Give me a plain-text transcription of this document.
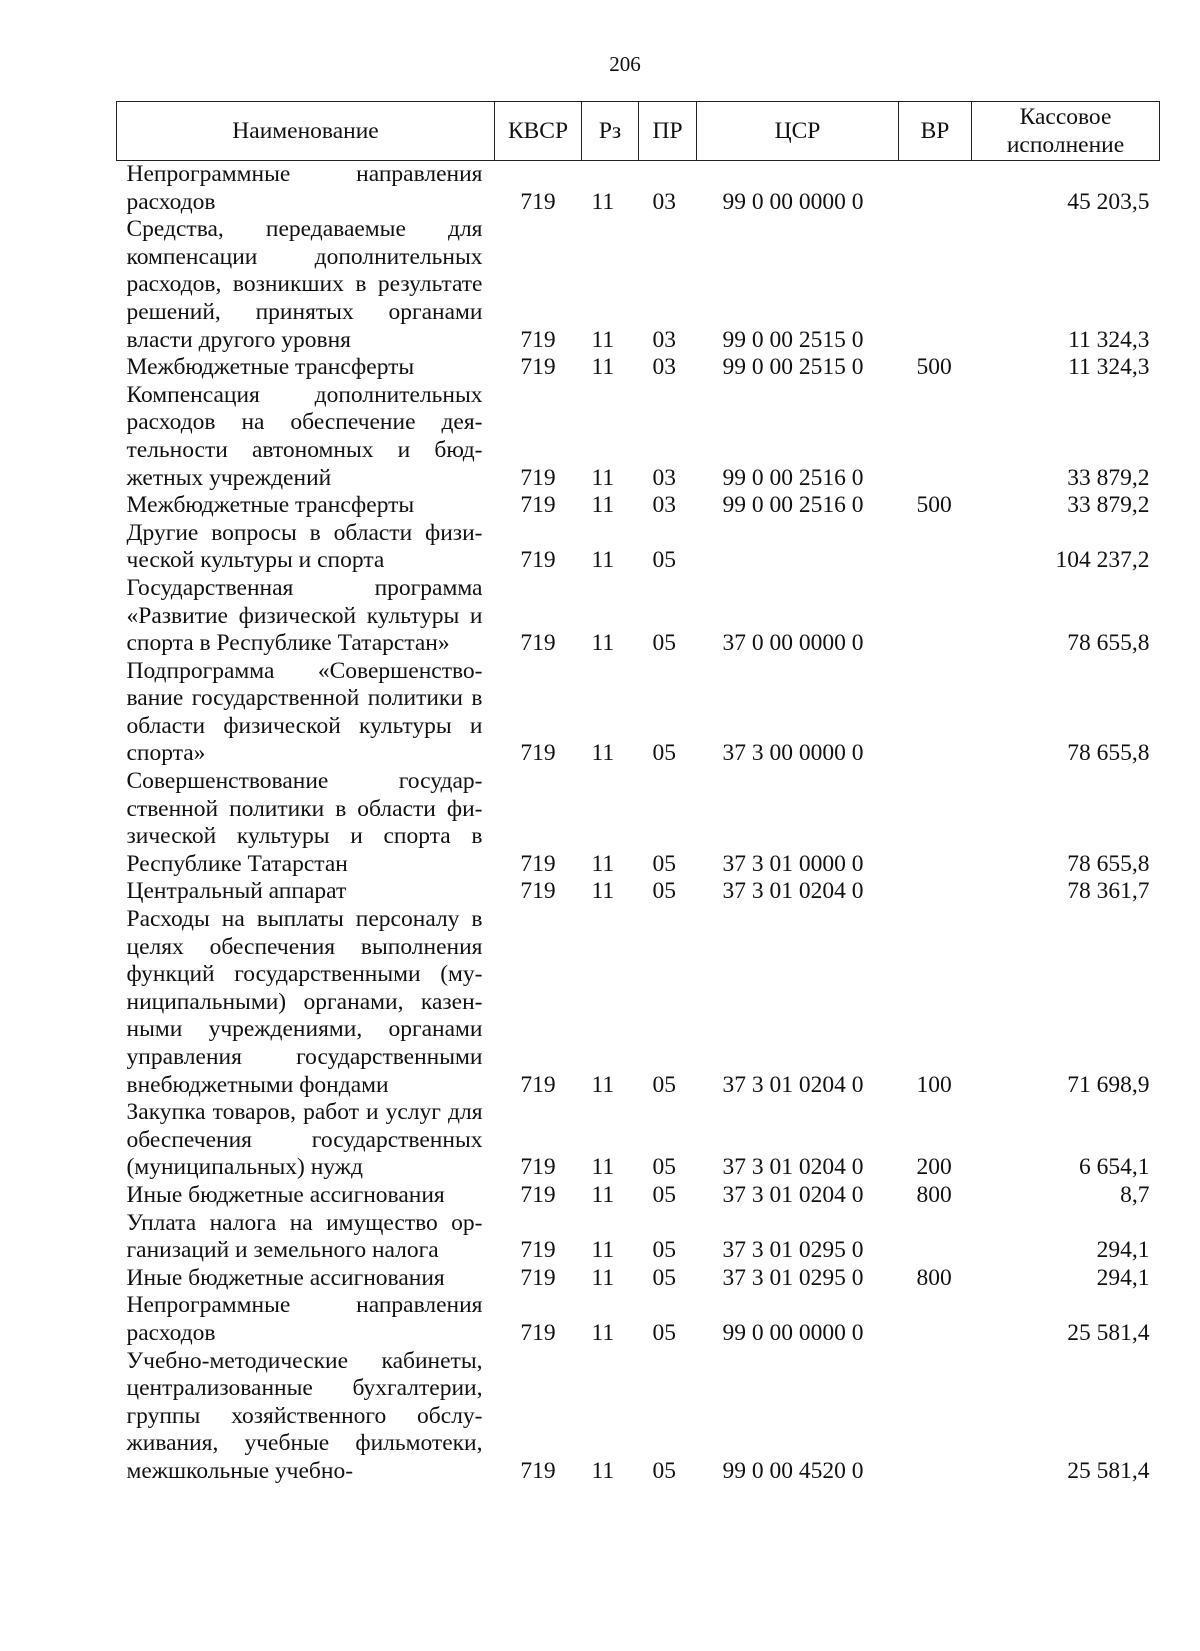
206
Наименование	КВСР	Рз	ПР	ЦСР	ВР	Кассовое исполнение
Непрограммные направления расходов	719	11	03	99 0 00 0000 0		45 203,5
Средства, передаваемые для компенсации дополнительных расходов, возникших в результате решений, принятых органами власти другого уровня	719	11	03	99 0 00 2515 0		11 324,3
Межбюджетные трансферты	719	11	03	99 0 00 2515 0	500	11 324,3
Компенсация дополнительных расходов на обеспечение деятельности автономных и бюджетных учреждений	719	11	03	99 0 00 2516 0		33 879,2
Межбюджетные трансферты	719	11	03	99 0 00 2516 0	500	33 879,2
Другие вопросы в области физической культуры и спорта	719	11	05			104 237,2
Государственная программа «Развитие физической культуры и спорта в Республике Татарстан»	719	11	05	37 0 00 0000 0		78 655,8
Подпрограмма «Совершенствование государственной политики в области физической культуры и спорта»	719	11	05	37 3 00 0000 0		78 655,8
Совершенствование государственной политики в области физической культуры и спорта в Республике Татарстан	719	11	05	37 3 01 0000 0		78 655,8
Центральный аппарат	719	11	05	37 3 01 0204 0		78 361,7
Расходы на выплаты персоналу в целях обеспечения выполнения функций государственными (муниципальными) органами, казенными учреждениями, органами управления государственными внебюджетными фондами	719	11	05	37 3 01 0204 0	100	71 698,9
Закупка товаров, работ и услуг для обеспечения государственных (муниципальных) нужд	719	11	05	37 3 01 0204 0	200	6 654,1
Иные бюджетные ассигнования	719	11	05	37 3 01 0204 0	800	8,7
Уплата налога на имущество организаций и земельного налога	719	11	05	37 3 01 0295 0		294,1
Иные бюджетные ассигнования	719	11	05	37 3 01 0295 0	800	294,1
Непрограммные направления расходов	719	11	05	99 0 00 0000 0		25 581,4
Учебно-методические кабинеты, централизованные бухгалтерии, группы хозяйственного обслуживания, учебные фильмотеки, межшкольные учебно-	719	11	05	99 0 00 4520 0		25 581,4
